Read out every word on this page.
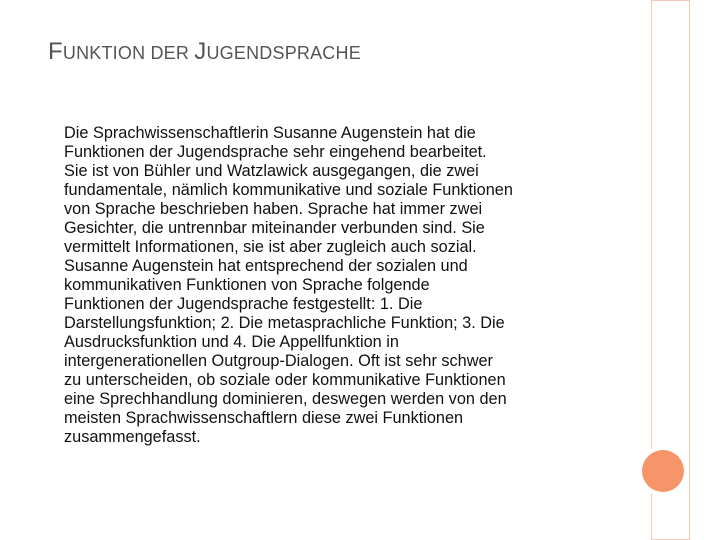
FUNKTION DER JUGENDSPRACHE
Die Sprachwissenschaftlerin Susanne Augenstein hat die
Funktionen der Jugendsprache sehr eingehend bearbeitet.
Sie ist von Bühler und Watzlawick ausgegangen, die zwei
fundamentale, nämlich kommunikative und soziale Funktionen
von Sprache beschrieben haben. Sprache hat immer zwei
Gesichter, die untrennbar miteinander verbunden sind. Sie
vermittelt Informationen, sie ist aber zugleich auch sozial.
Susanne Augenstein hat entsprechend der sozialen und
kommunikativen Funktionen von Sprache folgende
Funktionen der Jugendsprache festgestellt: 1. Die
Darstellungsfunktion; 2. Die metasprachliche Funktion; 3. Die
Ausdrucksfunktion und 4. Die Appellfunktion in
intergenerationellen Outgroup-Dialogen. Oft ist sehr schwer
zu unterscheiden, ob soziale oder kommunikative Funktionen
eine Sprechhandlung dominieren, deswegen werden von den
meisten Sprachwissenschaftlern diese zwei Funktionen
zusammengefasst.
